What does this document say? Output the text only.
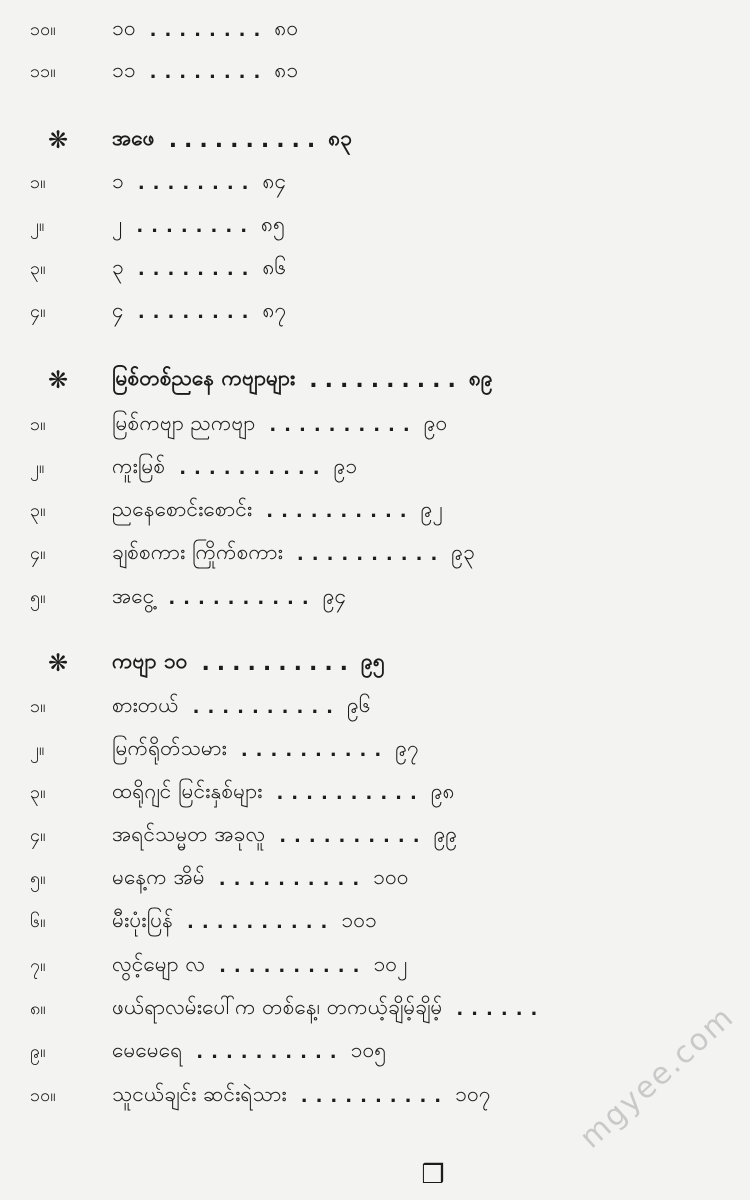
၁၀။	၁၀ ........ ၈၀
၁၁။	၁၁ ........ ၈၁
❋	အဖေ .......... ၈၃
၁။	၁ ........ ၈၄
၂။	၂ ........ ၈၅
၃။	၃ ........ ၈၆
၄။	၄ ........ ၈၇
❋	မြစ်တစ်ညနေ ကဗျာများ .......... ၈၉
၁။	မြစ်ကဗျာ ညကဗျာ .......... ၉၀
၂။	ကူးမြစ် .......... ၉၁
၃။	ညနေစောင်းစောင်း .......... ၉၂
၄။	ချစ်စကား ကြိုက်စကား .......... ၉၃
၅။	အငွေ့ .......... ၉၄
❋	ကဗျာ ၁၀ .......... ၉၅
၁။	စားတယ် .......... ၉၆
၂။	မြက်ရိုတ်သမား .......... ၉၇
၃။	ထရိုဂျင် မြင်းနှစ်များ .......... ၉၈
၄။	အရင်သမ္မတ အခုလူ .......... ၉၉
၅။	မနေ့က အိမ် .......... ၁၀၀
၆။	မီးပုံးပြန် .......... ၁၀၁
၇။	လွင့်မျော လ .......... ၁၀၂
၈။	ဖယ်ရာလမ်းပေါ်က တစ်နေ့၊ တကယ့်ချိမ့်ချိမ့် ......
၉။	မေမေရေ .......... ၁၀၅
၁၀။	သူငယ်ချင်း ဆင်းရဲသား .......... ၁၀၇	mgyee.com
❒
